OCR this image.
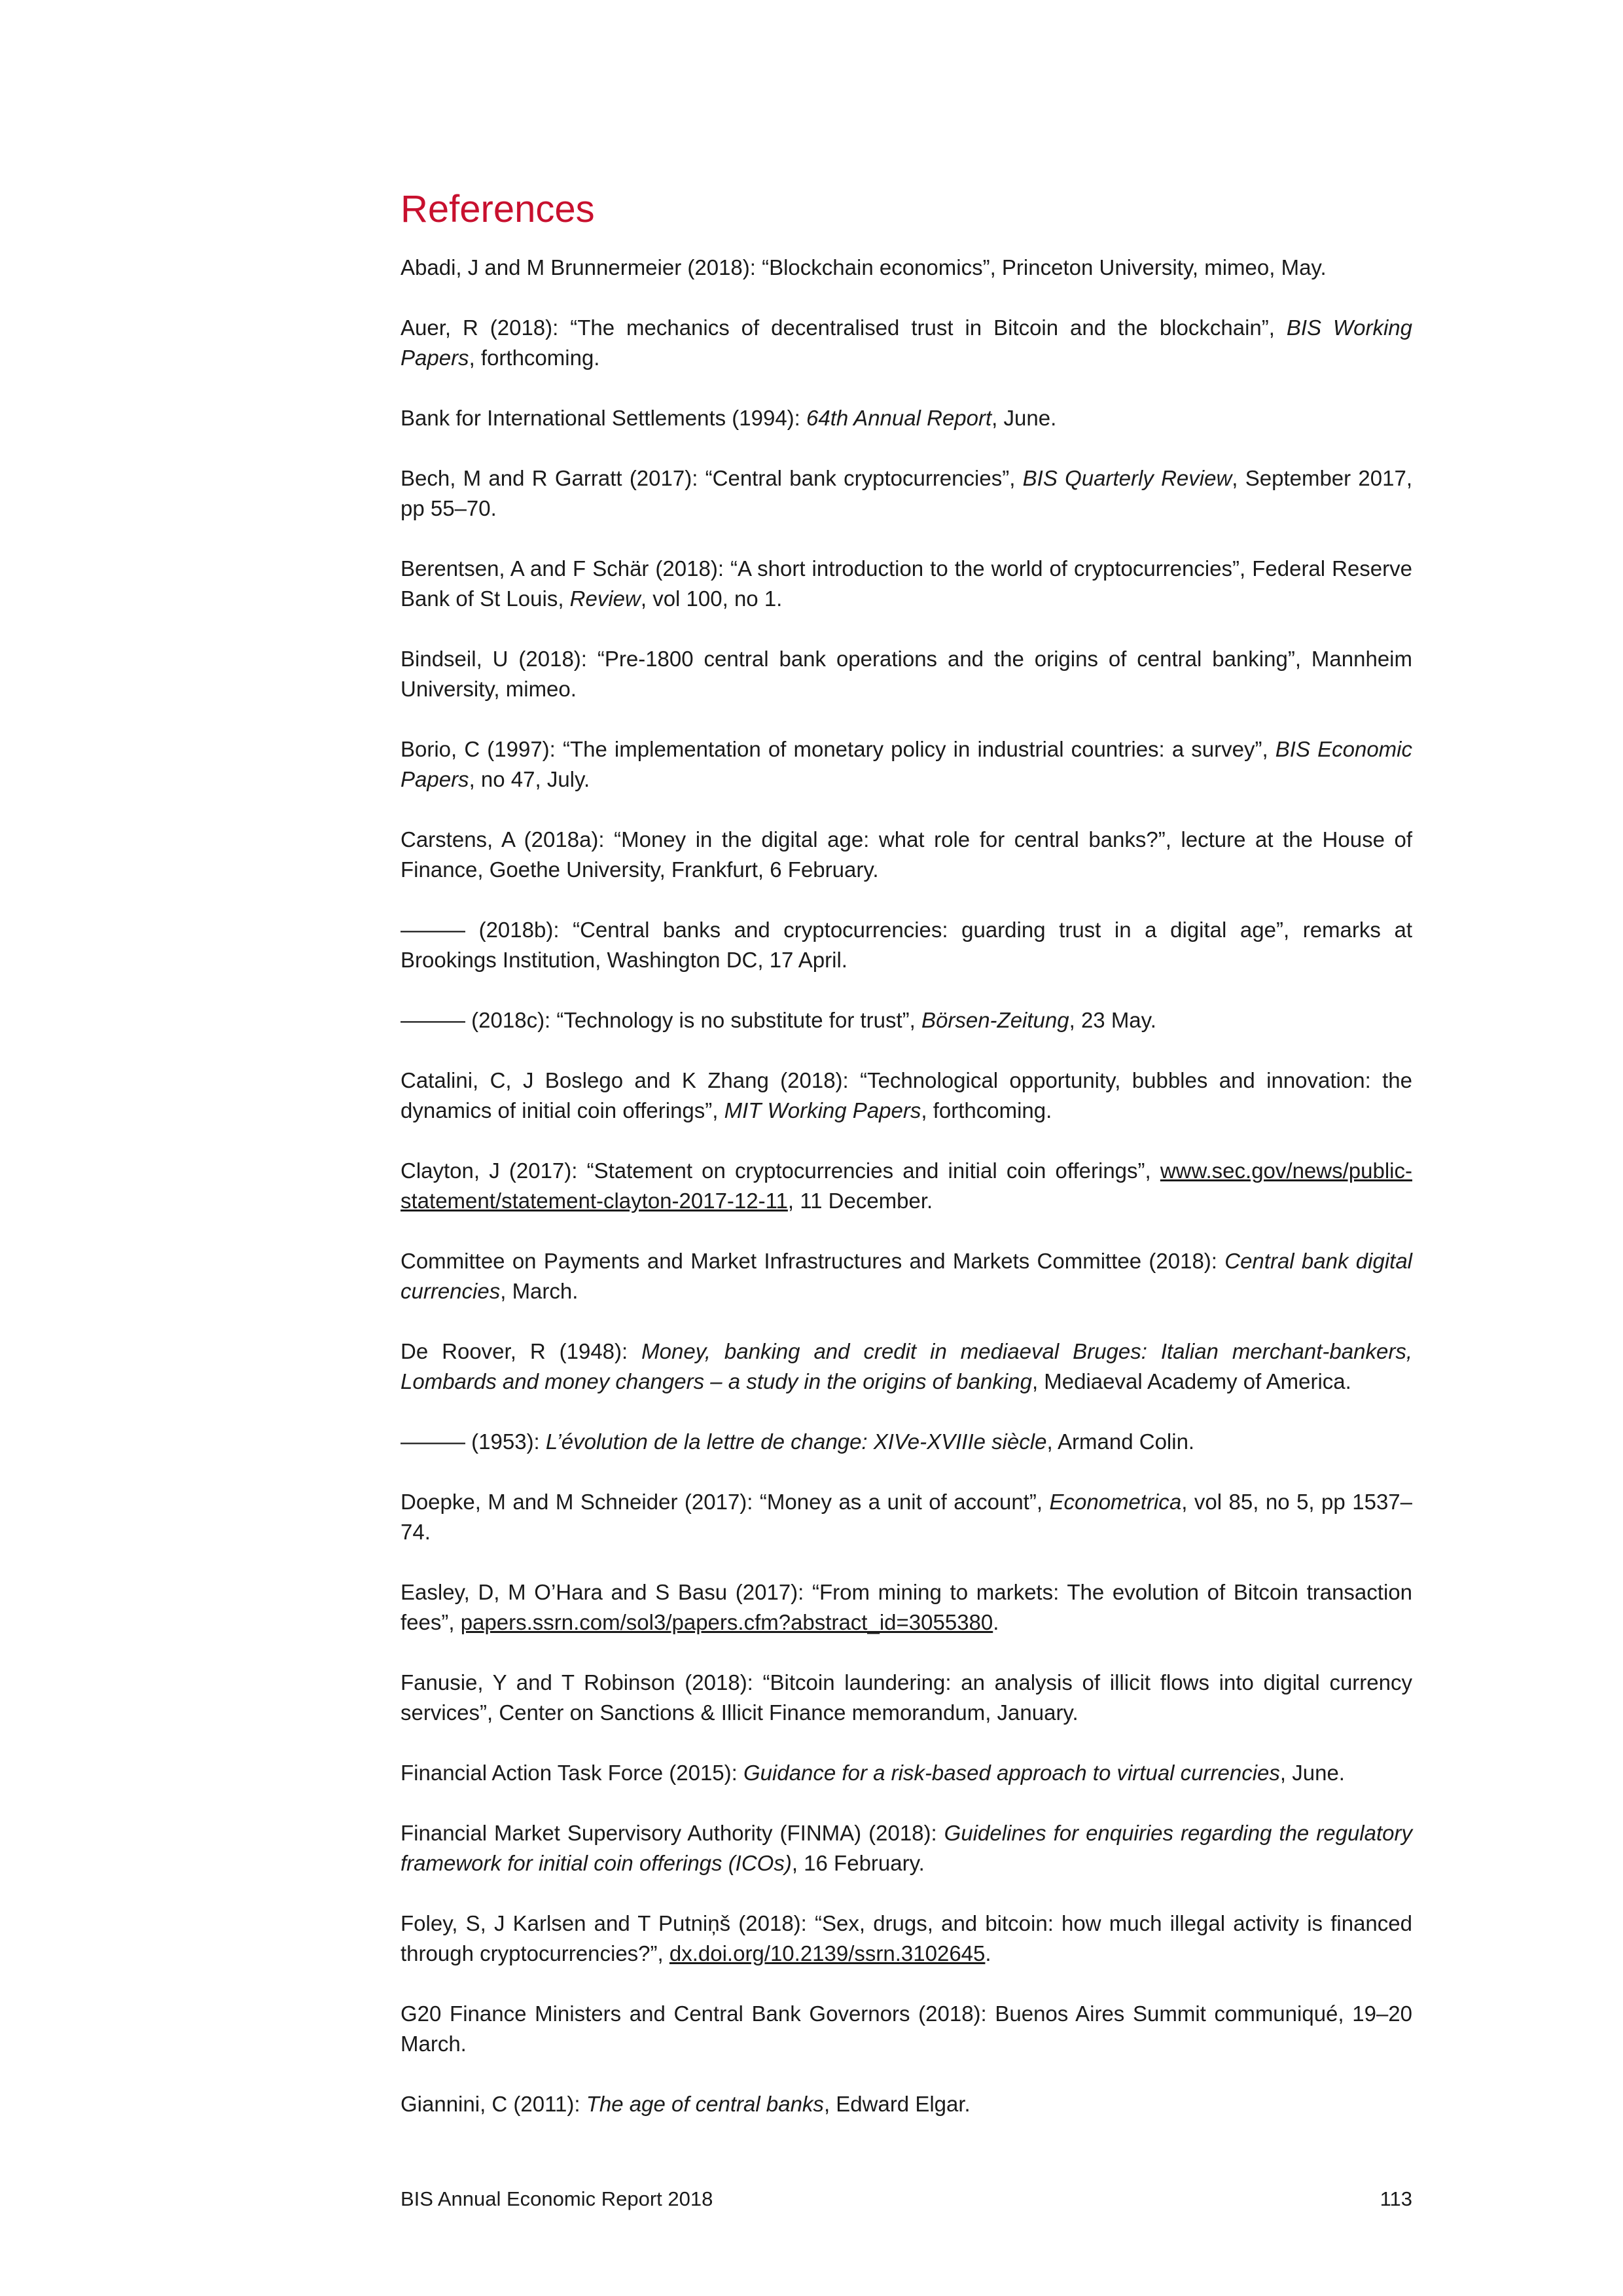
References

Abadi, J and M Brunnermeier (2018): “Blockchain economics”, Princeton University, mimeo, May.

Auer, R (2018): “The mechanics of decentralised trust in Bitcoin and the blockchain”, BIS Working Papers, forthcoming.

Bank for International Settlements (1994): 64th Annual Report, June.

Bech, M and R Garratt (2017): “Central bank cryptocurrencies”, BIS Quarterly Review, September 2017, pp 55–70.

Berentsen, A and F Schär (2018): “A short introduction to the world of cryptocurrencies”, Federal Reserve Bank of St Louis, Review, vol 100, no 1.

Bindseil, U (2018): “Pre-1800 central bank operations and the origins of central banking”, Mannheim University, mimeo.

Borio, C (1997): “The implementation of monetary policy in industrial countries: a survey”, BIS Economic Papers, no 47, July.

Carstens, A (2018a): “Money in the digital age: what role for central banks?”, lecture at the House of Finance, Goethe University, Frankfurt, 6 February.

——— (2018b): “Central banks and cryptocurrencies: guarding trust in a digital age”, remarks at Brookings Institution, Washington DC, 17 April.

——— (2018c): “Technology is no substitute for trust”, Börsen-Zeitung, 23 May.

Catalini, C, J Boslego and K Zhang (2018): “Technological opportunity, bubbles and innovation: the dynamics of initial coin offerings”, MIT Working Papers, forthcoming.

Clayton, J (2017): “Statement on cryptocurrencies and initial coin offerings”, www.sec.gov/news/public-statement/statement-clayton-2017-12-11, 11 December.

Committee on Payments and Market Infrastructures and Markets Committee (2018): Central bank digital currencies, March.

De Roover, R (1948): Money, banking and credit in mediaeval Bruges: Italian merchant-bankers, Lombards and money changers – a study in the origins of banking, Mediaeval Academy of America.

——— (1953): L’évolution de la lettre de change: XIVe-XVIIIe siècle, Armand Colin.

Doepke, M and M Schneider (2017): “Money as a unit of account”, Econometrica, vol 85, no 5, pp 1537–74.

Easley, D, M O’Hara and S Basu (2017): “From mining to markets: The evolution of Bitcoin transaction fees”, papers.ssrn.com/sol3/papers.cfm?abstract_id=3055380.

Fanusie, Y and T Robinson (2018): “Bitcoin laundering: an analysis of illicit flows into digital currency services”, Center on Sanctions & Illicit Finance memorandum, January.

Financial Action Task Force (2015): Guidance for a risk-based approach to virtual currencies, June.

Financial Market Supervisory Authority (FINMA) (2018): Guidelines for enquiries regarding the regulatory framework for initial coin offerings (ICOs), 16 February.

Foley, S, J Karlsen and T Putniņš (2018): “Sex, drugs, and bitcoin: how much illegal activity is financed through cryptocurrencies?”, dx.doi.org/10.2139/ssrn.3102645.

G20 Finance Ministers and Central Bank Governors (2018): Buenos Aires Summit communiqué, 19–20 March.

Giannini, C (2011): The age of central banks, Edward Elgar.

BIS Annual Economic Report 2018	113
